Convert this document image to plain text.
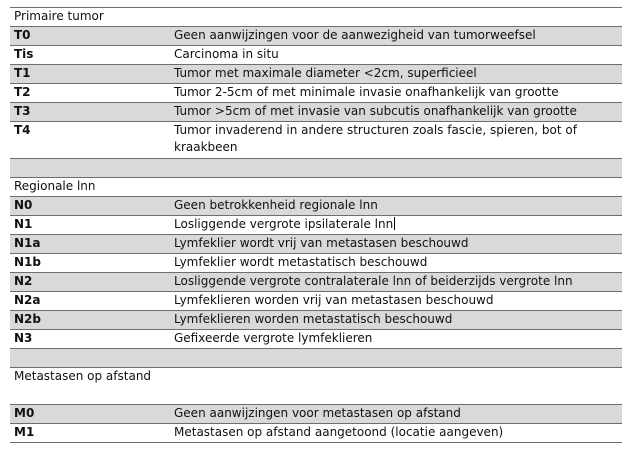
Primaire tumor	
T0	Geen aanwijzingen voor de aanwezigheid van tumorweefsel
Tis	Carcinoma in situ
T1	Tumor met maximale diameter <2cm, superficieel
T2	Tumor 2-5cm of met minimale invasie onafhankelijk van grootte
T3	Tumor >5cm of met invasie van subcutis onafhankelijk van grootte
T4	Tumor invaderend in andere structuren zoals fascie, spieren, bot of kraakbeen

Regionale lnn	
N0	Geen betrokkenheid regionale lnn
N1	Losliggende vergrote ipsilaterale lnn
N1a	Lymfeklier wordt vrij van metastasen beschouwd
N1b	Lymfeklier wordt metastatisch beschouwd
N2	Losliggende vergrote contralaterale lnn of beiderzijds vergrote lnn
N2a	Lymfeklieren worden vrij van metastasen beschouwd
N2b	Lymfeklieren worden metastatisch beschouwd
N3	Gefixeerde vergrote lymfeklieren

Metastasen op afstand	
M0	Geen aanwijzingen voor metastasen op afstand
M1	Metastasen op afstand aangetoond (locatie aangeven)
